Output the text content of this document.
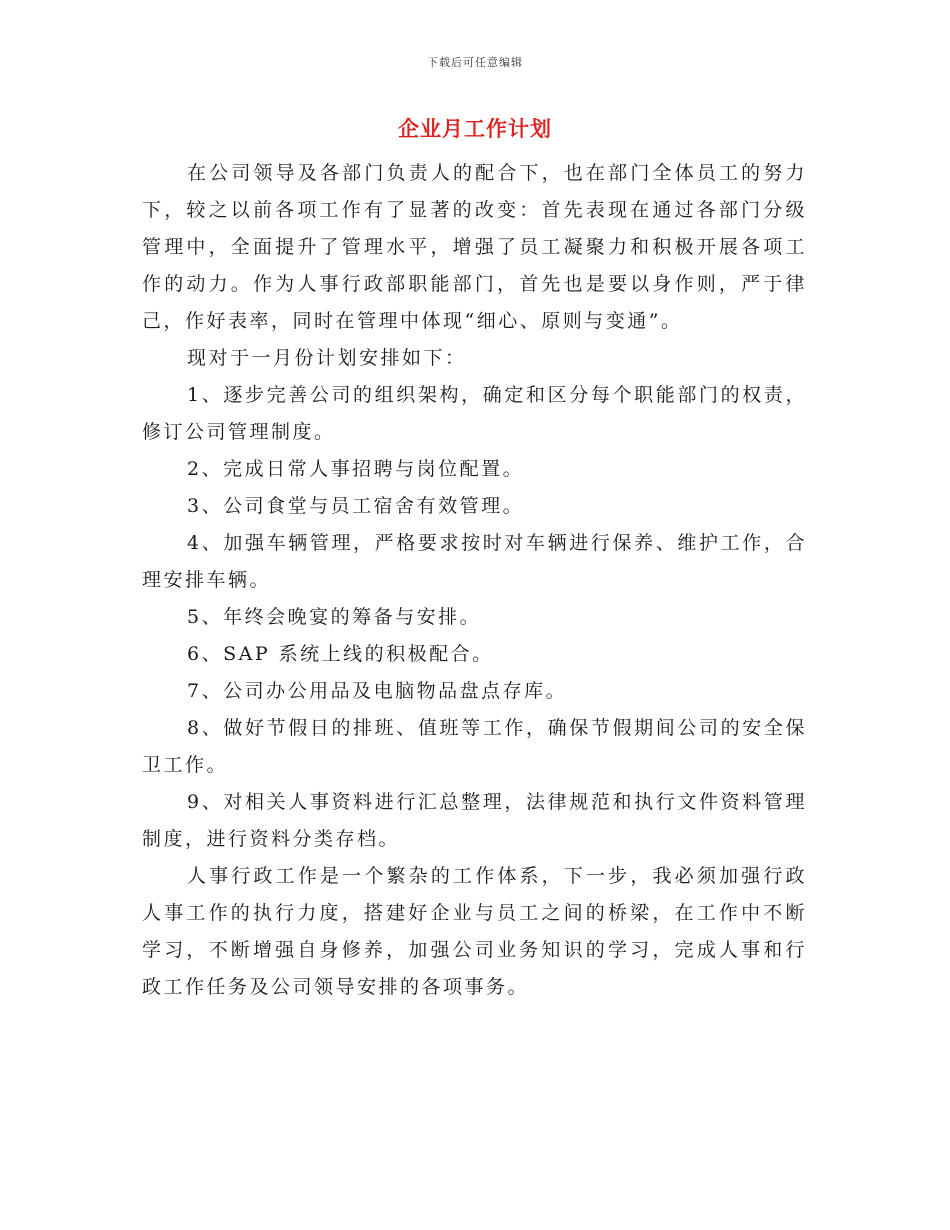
下载后可任意编辑
企业月工作计划

在公司领导及各部门负责人的配合下，也在部门全体员工的努力下，较之以前各项工作有了显著的改变：首先表现在通过各部门分级管理中，全面提升了管理水平，增强了员工凝聚力和积极开展各项工作的动力。作为人事行政部职能部门，首先也是要以身作则，严于律己，作好表率，同时在管理中体现“细心、原则与变通”。

现对于一月份计划安排如下：

1、逐步完善公司的组织架构，确定和区分每个职能部门的权责，修订公司管理制度。

2、完成日常人事招聘与岗位配置。

3、公司食堂与员工宿舍有效管理。

4、加强车辆管理，严格要求按时对车辆进行保养、维护工作，合理安排车辆。

5、年终会晚宴的筹备与安排。

6、SAP 系统上线的积极配合。

7、公司办公用品及电脑物品盘点存库。

8、做好节假日的排班、值班等工作，确保节假期间公司的安全保卫工作。

9、对相关人事资料进行汇总整理，法律规范和执行文件资料管理制度，进行资料分类存档。

人事行政工作是一个繁杂的工作体系，下一步，我必须加强行政人事工作的执行力度，搭建好企业与员工之间的桥梁，在工作中不断学习，不断增强自身修养，加强公司业务知识的学习，完成人事和行政工作任务及公司领导安排的各项事务。
